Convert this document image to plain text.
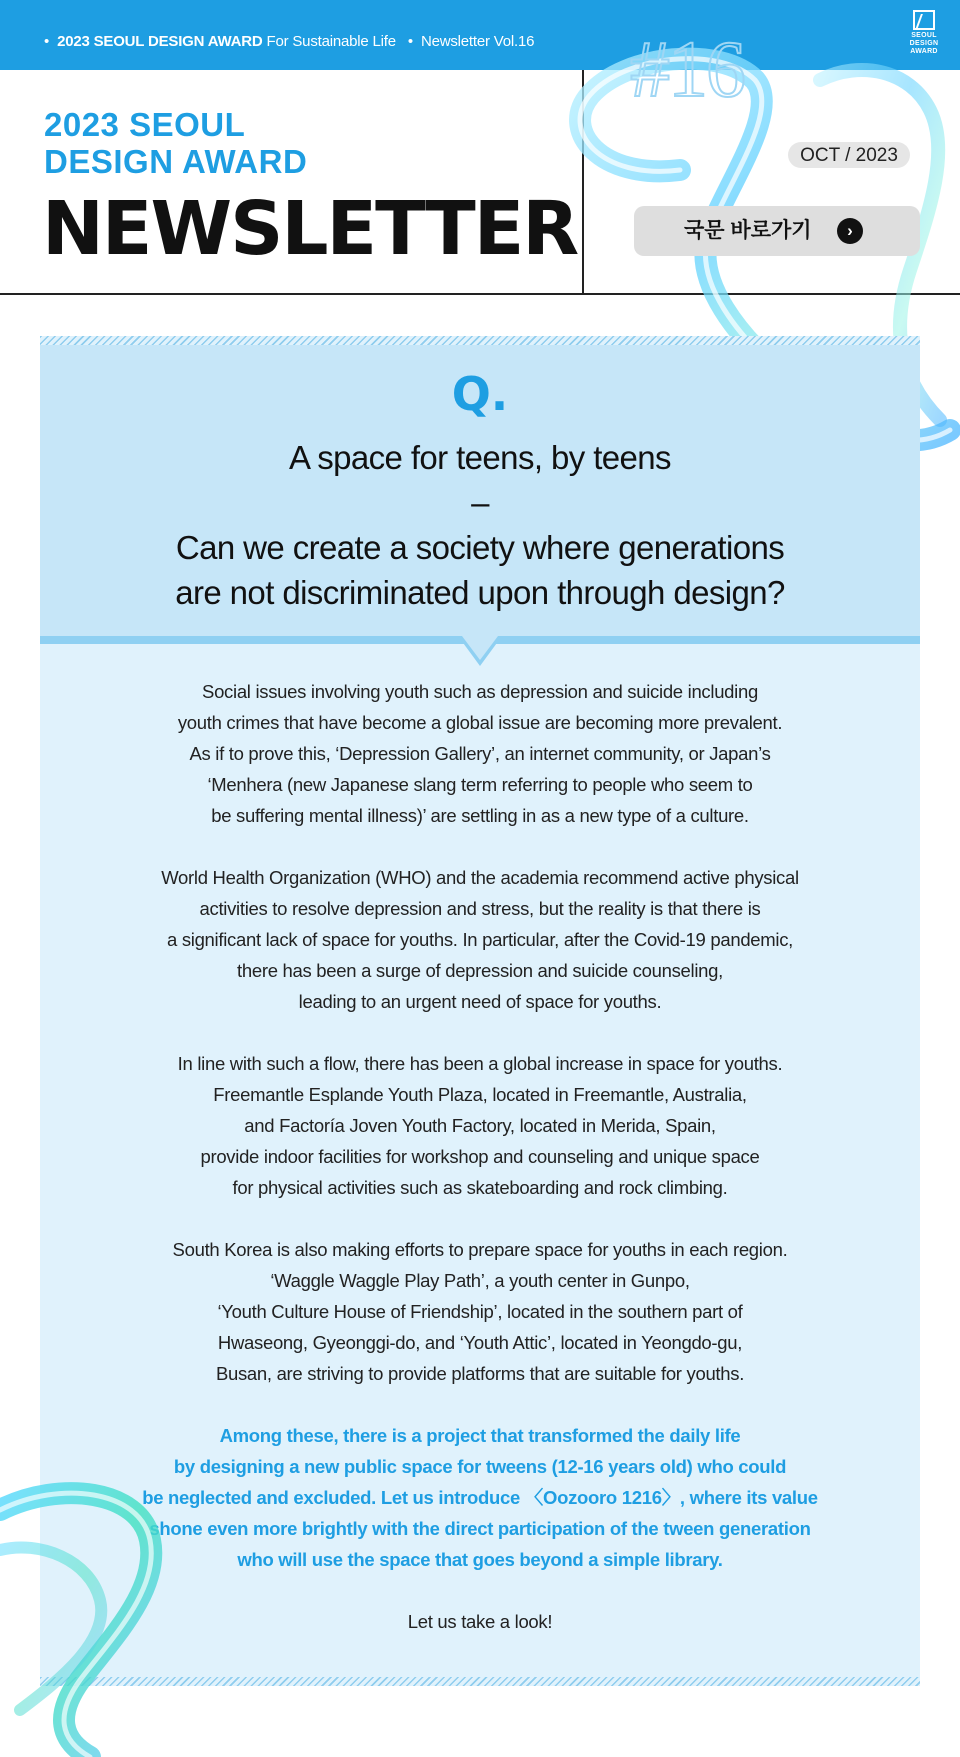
• 2023 SEOUL DESIGN AWARD For Sustainable Life • Newsletter Vol.16	SEOUL
DESIGN
AWARD
2023 SEOUL
DESIGN AWARD
NEWSLETTER
#16
OCT / 2023
국문 바로가기	›
Q.
A space for teens, by teens
–
Can we create a society where generations
are not discriminated upon through design?
Social issues involving youth such as depression and suicide including
youth crimes that have become a global issue are becoming more prevalent.
As if to prove this, ‘Depression Gallery’, an internet community, or Japan’s
‘Menhera (new Japanese slang term referring to people who seem to
be suffering mental illness)’ are settling in as a new type of a culture.
World Health Organization (WHO) and the academia recommend active physical
activities to resolve depression and stress, but the reality is that there is
a significant lack of space for youths. In particular, after the Covid-19 pandemic,
there has been a surge of depression and suicide counseling,
leading to an urgent need of space for youths.
In line with such a flow, there has been a global increase in space for youths.
Freemantle Esplande Youth Plaza, located in Freemantle, Australia,
and Factoría Joven Youth Factory, located in Merida, Spain,
provide indoor facilities for workshop and counseling and unique space
for physical activities such as skateboarding and rock climbing.
South Korea is also making efforts to prepare space for youths in each region.
‘Waggle Waggle Play Path’, a youth center in Gunpo,
‘Youth Culture House of Friendship’, located in the southern part of
Hwaseong, Gyeonggi-do, and ‘Youth Attic’, located in Yeongdo-gu,
Busan, are striving to provide platforms that are suitable for youths.
Among these, there is a project that transformed the daily life
by designing a new public space for tweens (12-16 years old) who could
be neglected and excluded. Let us introduce 〈Oozooro 1216〉, where its value
shone even more brightly with the direct participation of the tween generation
who will use the space that goes beyond a simple library.
Let us take a look!
